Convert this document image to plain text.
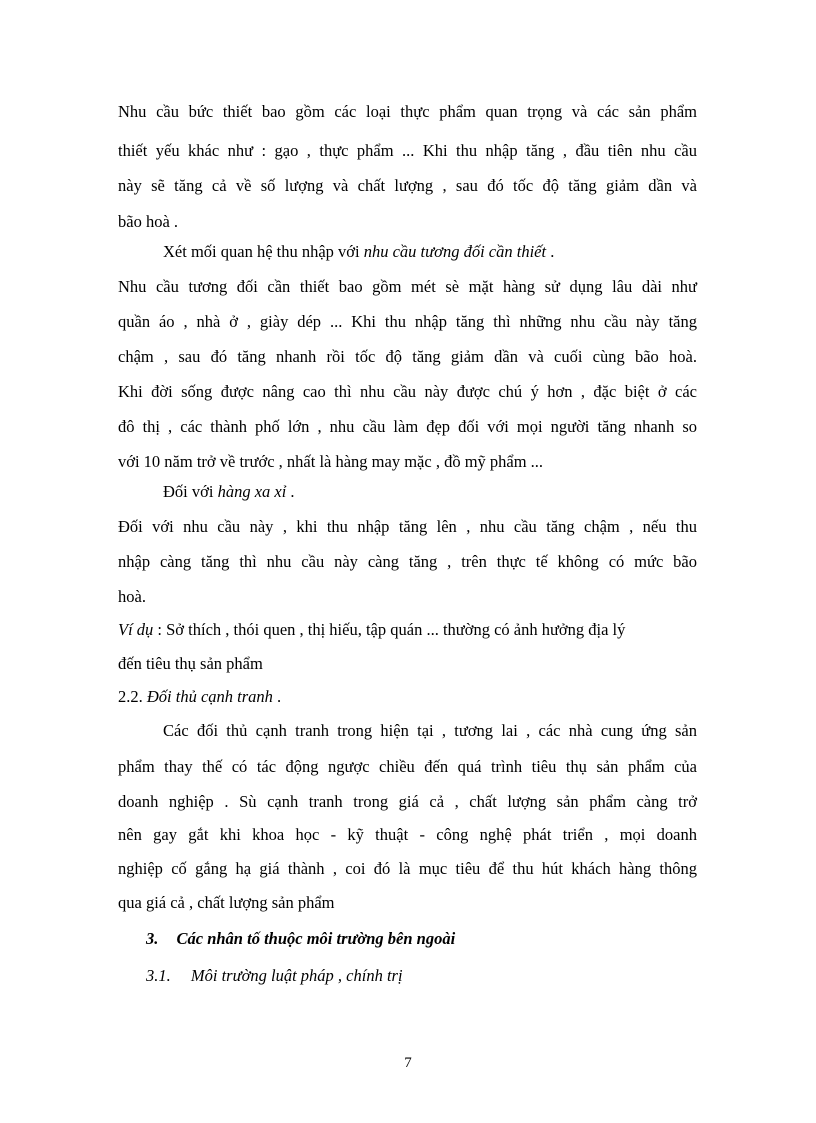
Nhu cầu bức thiết bao gồm các loại thực phẩm quan trọng và các sản phẩm
thiết yếu khác như : gạo , thực phẩm ... Khi thu nhập tăng , đầu tiên nhu cầu
này sẽ tăng cả về số lượng và chất lượng , sau đó tốc độ tăng giảm dần và
bão hoà .
Xét mối quan hệ thu nhập với nhu cầu tương đối cần thiết .
Nhu cầu tương đối cần thiết bao gồm mét sè mặt hàng sử dụng lâu dài như
quần áo , nhà ở , giày dép ... Khi thu nhập tăng thì những nhu cầu này tăng
chậm , sau đó tăng nhanh rồi tốc độ tăng giảm dần và cuối cùng bão hoà.
Khi đời sống được nâng cao thì nhu cầu này được chú ý hơn , đặc biệt ở các
đô thị , các thành phố lớn , nhu cầu làm đẹp đối với mọi người tăng nhanh so
với 10 năm trở về trước , nhất là hàng may mặc , đồ mỹ phẩm ...
Đối với hàng xa xỉ .
Đối với nhu cầu này , khi thu nhập tăng lên , nhu cầu tăng chậm , nếu thu
nhập càng tăng thì nhu cầu này càng tăng , trên thực tế không có mức bão
hoà.
Ví dụ : Sở thích , thói quen , thị hiếu, tập quán ... thường có ảnh hưởng địa lý
đến tiêu thụ sản phẩm
2.2. Đối thủ cạnh tranh .
Các đối thủ cạnh tranh trong hiện tại , tương lai , các nhà cung ứng sản
phẩm thay thế có tác động ngược chiều đến quá trình tiêu thụ sản phẩm của
doanh nghiệp . Sù cạnh tranh trong giá cả , chất lượng sản phẩm càng trở
nên gay gắt khi khoa học - kỹ thuật - công nghệ phát triển , mọi doanh
nghiệp cố gắng hạ giá thành , coi đó là mục tiêu để thu hút khách hàng thông
qua giá cả , chất lượng sản phẩm
3. Các nhân tố thuộc môi trường bên ngoài
3.1. Môi trường luật pháp , chính trị
7
